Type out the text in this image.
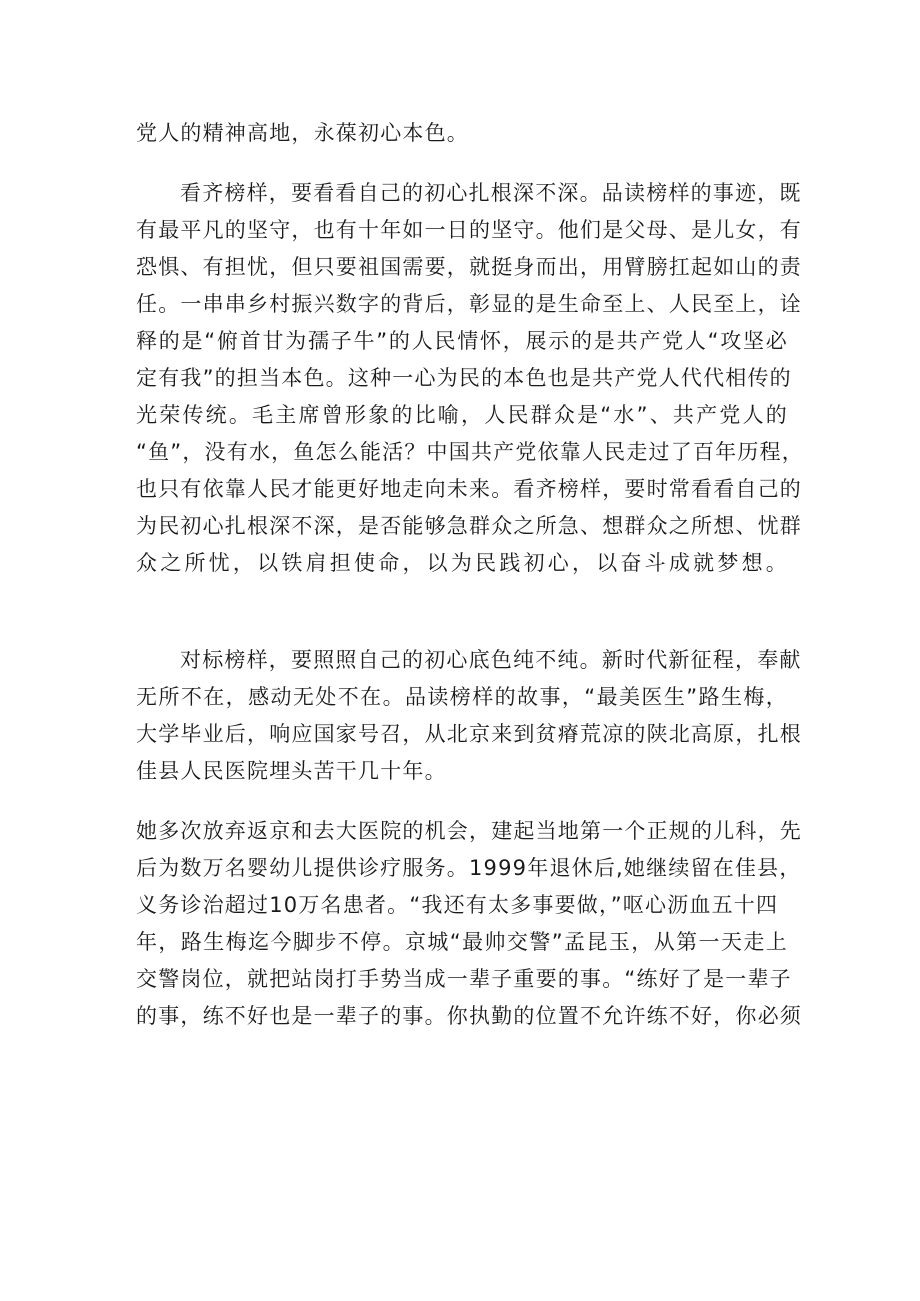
党人的精神高地，永葆初心本色。
看齐榜样，要看看自己的初心扎根深不深。品读榜样的事迹，既
有最平凡的坚守，也有十年如一日的坚守。他们是父母、是儿女，有
恐惧、有担忧，但只要祖国需要，就挺身而出，用臂膀扛起如山的责
任。一串串乡村振兴数字的背后，彰显的是生命至上、人民至上，诠
释的是“俯首甘为孺子牛”的人民情怀，展示的是共产党人“攻坚必
定有我”的担当本色。这种一心为民的本色也是共产党人代代相传的
光荣传统。毛主席曾形象的比喻，人民群众是“水”、共产党人的
“鱼”，没有水，鱼怎么能活？中国共产党依靠人民走过了百年历程，
也只有依靠人民才能更好地走向未来。看齐榜样，要时常看看自己的
为民初心扎根深不深，是否能够急群众之所急、想群众之所想、忧群
众之所忧，以铁肩担使命，以为民践初心，以奋斗成就梦想。
对标榜样，要照照自己的初心底色纯不纯。新时代新征程，奉献
无所不在，感动无处不在。品读榜样的故事，“最美医生”路生梅，
大学毕业后，响应国家号召，从北京来到贫瘠荒凉的陕北高原，扎根
佳县人民医院埋头苦干几十年。
她多次放弃返京和去大医院的机会，建起当地第一个正规的儿科，先
后为数万名婴幼儿提供诊疗服务。1999年退休后,她继续留在佳县，
义务诊治超过10万名患者。“我还有太多事要做，”呕心沥血五十四
年，路生梅迄今脚步不停。京城“最帅交警”孟昆玉，从第一天走上
交警岗位，就把站岗打手势当成一辈子重要的事。“练好了是一辈子
的事，练不好也是一辈子的事。你执勤的位置不允许练不好，你必须
